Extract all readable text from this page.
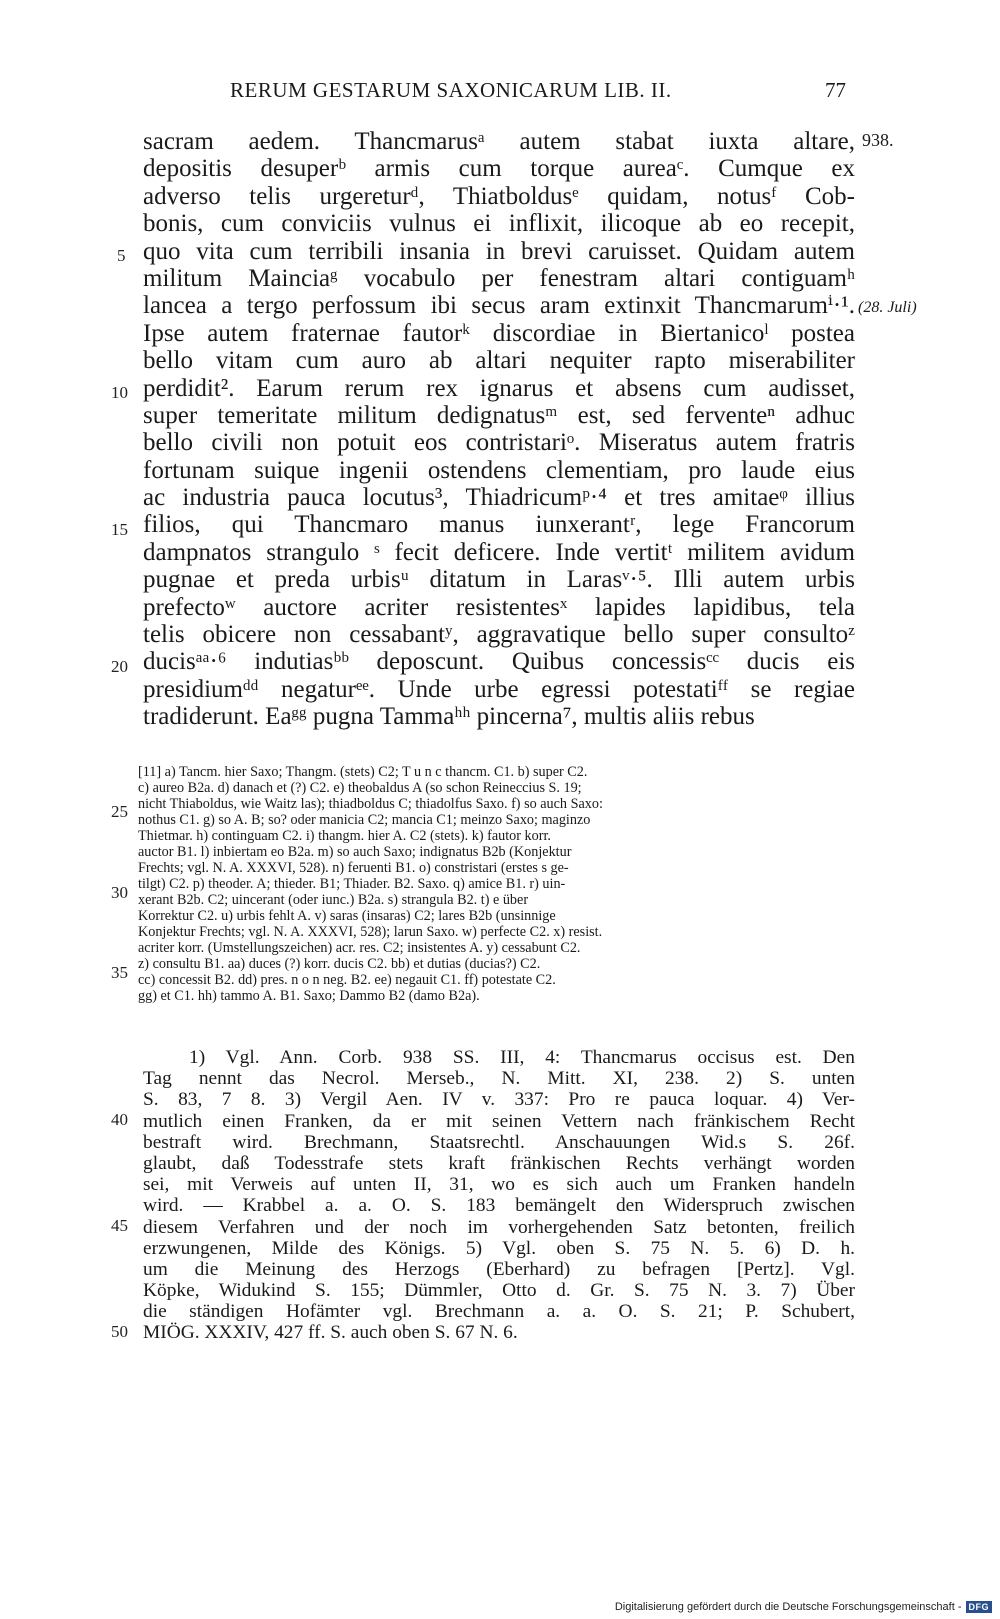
RERUM GESTARUM SAXONICARUM LIB. II.	77
938.
(28. Juli)
5
10
15
20
25
30
35
40
45
50
sacram aedem. Thancmarusᵃ autem stabat iuxta altare,
depositis desuperᵇ armis cum torque aureaᶜ. Cumque ex
adverso telis urgereturᵈ, Thiatboldusᵉ quidam, notusᶠ Cob-
bonis, cum conviciis vulnus ei inflixit, ilicoque ab eo recepit,
quo vita cum terribili insania in brevi caruisset. Quidam autem
militum Mainciaᵍ vocabulo per fenestram altari contiguamʰ
lancea a tergo perfossum ibi secus aram extinxit Thancmarumⁱ·¹.
Ipse autem fraternae fautorᵏ discordiae in Biertanicoˡ postea
bello vitam cum auro ab altari nequiter rapto miserabiliter
perdidit². Earum rerum rex ignarus et absens cum audisset,
super temeritate militum dedignatusᵐ est, sed ferventeⁿ adhuc
bello civili non potuit eos contristariᵒ. Miseratus autem fratris
fortunam suique ingenii ostendens clementiam, pro laude eius
ac industria pauca locutus³, Thiadricumᵖ·⁴ et tres amitaeᵠ illius
filios, qui Thancmaro manus iunxerantʳ, lege Francorum
dampnatos strangulo ˢ fecit deficere. Inde vertitᵗ militem avidum
pugnae et preda urbisᵘ ditatum in Larasᵛ·⁵. Illi autem urbis
prefectoʷ auctore acriter resistentesˣ lapides lapidibus, tela
telis obicere non cessabantʸ, aggravatique bello super consultoᶻ
ducisᵃᵃ·⁶ indutiasᵇᵇ deposcunt. Quibus concessisᶜᶜ ducis eis
presidiumᵈᵈ negaturᵉᵉ. Unde urbe egressi potestatiᶠᶠ se regiae
tradiderunt. Eaᵍᵍ pugna Tammaʰʰ pincerna⁷, multis aliis rebus
[11] a) Tancm. hier Saxo; Thangm. (stets) C2; T u n c thancm. C1. b) super C2.
c) aureo B2a. d) danach et (?) C2. e) theobaldus A (so schon Reineccius S. 19;
nicht Thiaboldus, wie Waitz las); thiadboldus C; thiadolfus Saxo. f) so auch Saxo:
nothus C1. g) so A. B; so? oder manicia C2; mancia C1; meinzo Saxo; maginzo
Thietmar. h) continguam C2. i) thangm. hier A. C2 (stets). k) fautor korr.
auctor B1. l) inbiertam eo B2a. m) so auch Saxo; indignatus B2b (Konjektur
Frechts; vgl. N. A. XXXVI, 528). n) feruenti B1. o) constristari (erstes s ge-
tilgt) C2. p) theoder. A; thieder. B1; Thiader. B2. Saxo. q) amice B1. r) uin-
xerant B2b. C2; uincerant (oder iunc.) B2a. s) strangula B2. t) e über
Korrektur C2. u) urbis fehlt A. v) saras (insaras) C2; lares B2b (unsinnige
Konjektur Frechts; vgl. N. A. XXXVI, 528); larun Saxo. w) perfecte C2. x) resist.
acriter korr. (Umstellungszeichen) acr. res. C2; insistentes A. y) cessabunt C2.
z) consultu B1. aa) duces (?) korr. ducis C2. bb) et dutias (ducias?) C2.
cc) concessit B2. dd) pres. n o n neg. B2. ee) negauit C1. ff) potestate C2.
gg) et C1. hh) tammo A. B1. Saxo; Dammo B2 (damo B2a).
1) Vgl. Ann. Corb. 938 SS. III, 4: Thancmarus occisus est. Den
Tag nennt das Necrol. Merseb., N. Mitt. XI, 238. 2) S. unten
S. 83, 7 8. 3) Vergil Aen. IV v. 337: Pro re pauca loquar. 4) Ver-
mutlich einen Franken, da er mit seinen Vettern nach fränkischem Recht
bestraft wird. Brechmann, Staatsrechtl. Anschauungen Wid.s S. 26f.
glaubt, daß Todesstrafe stets kraft fränkischen Rechts verhängt worden
sei, mit Verweis auf unten II, 31, wo es sich auch um Franken handeln
wird. — Krabbel a. a. O. S. 183 bemängelt den Widerspruch zwischen
diesem Verfahren und der noch im vorhergehenden Satz betonten, freilich
erzwungenen, Milde des Königs. 5) Vgl. oben S. 75 N. 5. 6) D. h.
um die Meinung des Herzogs (Eberhard) zu befragen [Pertz]. Vgl.
Köpke, Widukind S. 155; Dümmler, Otto d. Gr. S. 75 N. 3. 7) Über
die ständigen Hofämter vgl. Brechmann a. a. O. S. 21; P. Schubert,
MIÖG. XXXIV, 427 ff. S. auch oben S. 67 N. 6.
Digitalisierung gefördert durch die Deutsche Forschungsgemeinschaft - DFG
